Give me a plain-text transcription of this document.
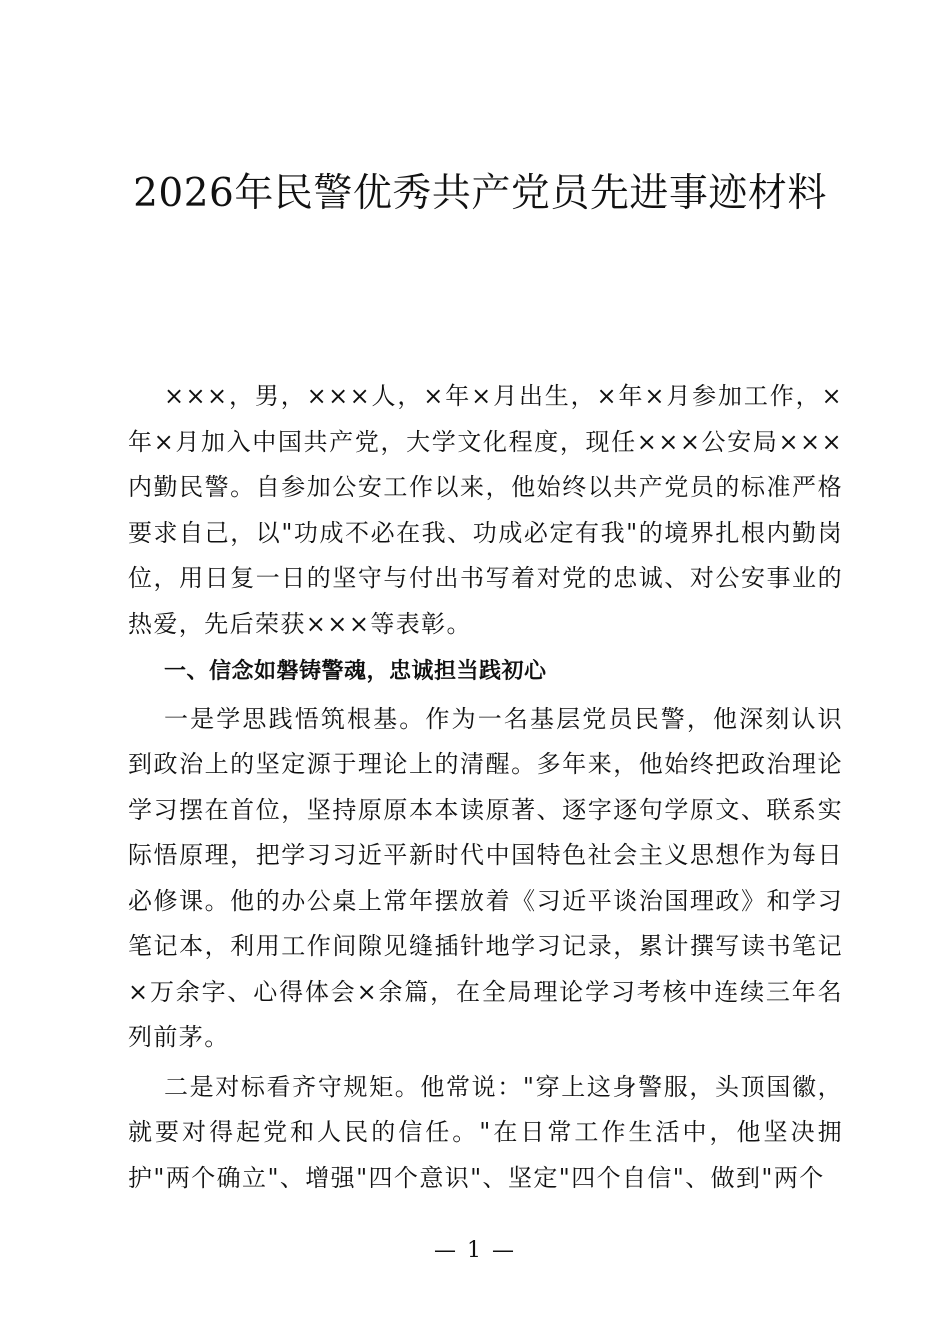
2026年民警优秀共产党员先进事迹材料

×××，男，×××人，×年×月出生，×年×月参加工作，×年×月加入中国共产党，大学文化程度，现任×××公安局×××内勤民警。自参加公安工作以来，他始终以共产党员的标准严格要求自己，以"功成不必在我、功成必定有我"的境界扎根内勤岗位，用日复一日的坚守与付出书写着对党的忠诚、对公安事业的热爱，先后荣获×××等表彰。

一、信念如磐铸警魂，忠诚担当践初心

一是学思践悟筑根基。作为一名基层党员民警，他深刻认识到政治上的坚定源于理论上的清醒。多年来，他始终把政治理论学习摆在首位，坚持原原本本读原著、逐字逐句学原文、联系实际悟原理，把学习习近平新时代中国特色社会主义思想作为每日必修课。他的办公桌上常年摆放着《习近平谈治国理政》和学习笔记本，利用工作间隙见缝插针地学习记录，累计撰写读书笔记×万余字、心得体会×余篇，在全局理论学习考核中连续三年名列前茅。

二是对标看齐守规矩。他常说："穿上这身警服，头顶国徽，就要对得起党和人民的信任。"在日常工作生活中，他坚决拥护"两个确立"、增强"四个意识"、坚定"四个自信"、做到"两个

— 1 —
